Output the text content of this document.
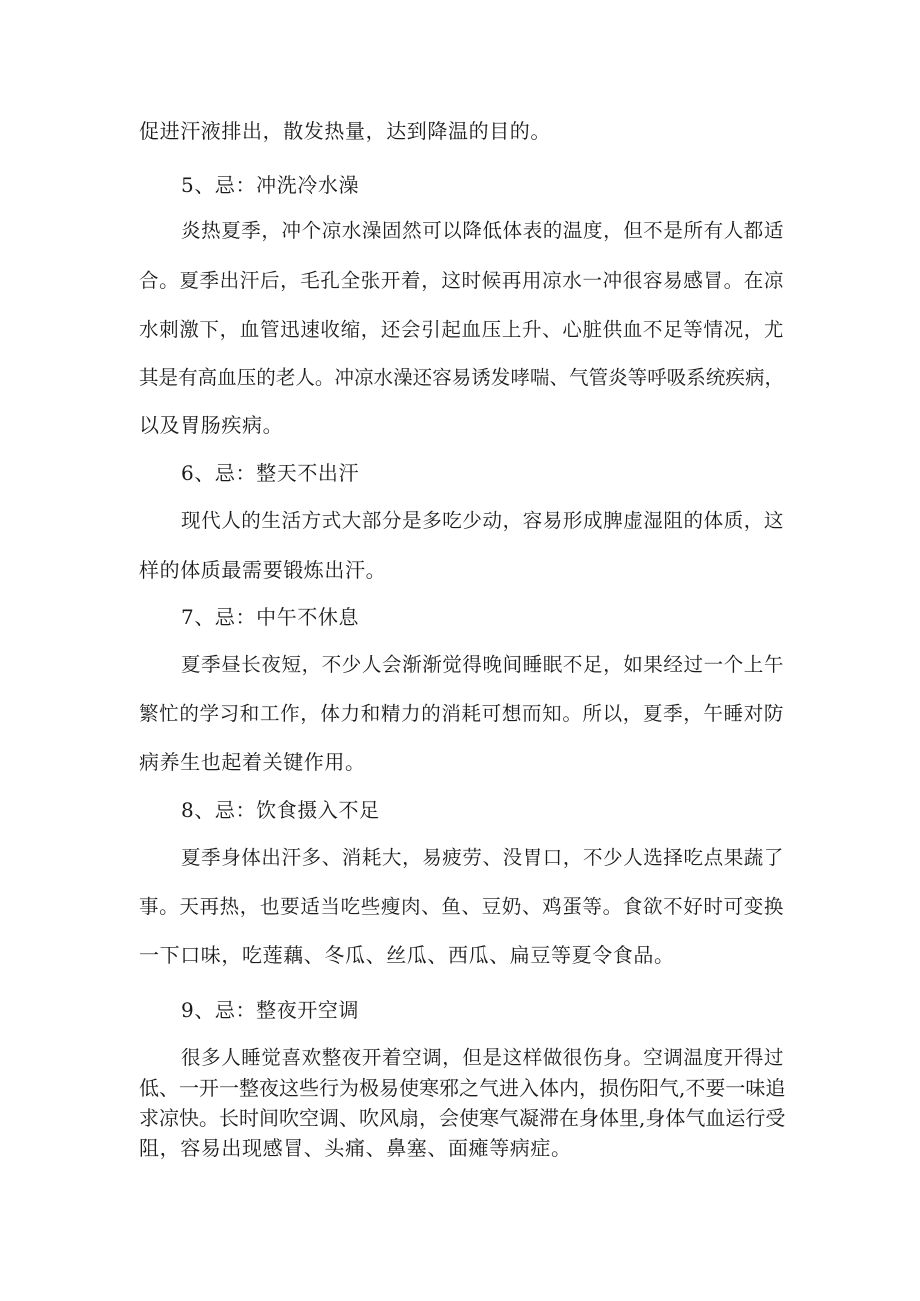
促进汗液排出，散发热量，达到降温的目的。
5、忌：冲洗冷水澡
炎热夏季，冲个凉水澡固然可以降低体表的温度，但不是所有人都适
合。夏季出汗后，毛孔全张开着，这时候再用凉水一冲很容易感冒。在凉
水刺激下，血管迅速收缩，还会引起血压上升、心脏供血不足等情况，尤
其是有高血压的老人。冲凉水澡还容易诱发哮喘、气管炎等呼吸系统疾病，
以及胃肠疾病。
6、忌：整天不出汗
现代人的生活方式大部分是多吃少动，容易形成脾虚湿阻的体质，这
样的体质最需要锻炼出汗。
7、忌：中午不休息
夏季昼长夜短，不少人会渐渐觉得晚间睡眠不足，如果经过一个上午
繁忙的学习和工作，体力和精力的消耗可想而知。所以，夏季，午睡对防
病养生也起着关键作用。
8、忌：饮食摄入不足
夏季身体出汗多、消耗大，易疲劳、没胃口，不少人选择吃点果蔬了
事。天再热，也要适当吃些瘦肉、鱼、豆奶、鸡蛋等。食欲不好时可变换
一下口味，吃莲藕、冬瓜、丝瓜、西瓜、扁豆等夏令食品。
9、忌：整夜开空调
很多人睡觉喜欢整夜开着空调，但是这样做很伤身。空调温度开得过
低、一开一整夜这些行为极易使寒邪之气进入体内，损伤阳气,不要一味追
求凉快。长时间吹空调、吹风扇，会使寒气凝滞在身体里,身体气血运行受
阻，容易出现感冒、头痛、鼻塞、面瘫等病症。
